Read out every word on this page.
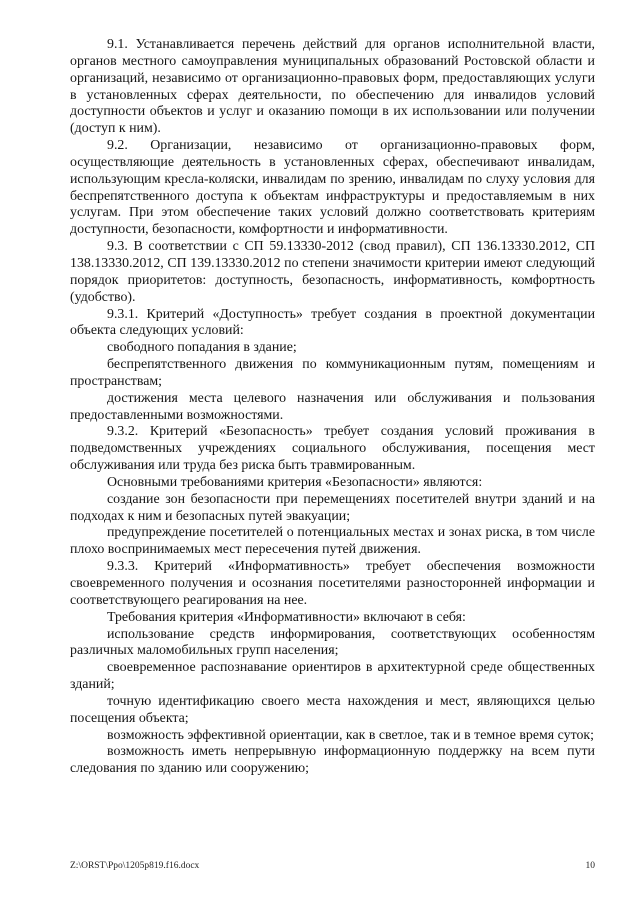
9.1. Устанавливается перечень действий для органов исполнительной власти, органов местного самоуправления муниципальных образований Ростовской области и организаций, независимо от организационно-правовых форм, предоставляющих услуги в установленных сферах деятельности, по обеспечению для инвалидов условий доступности объектов и услуг и оказанию помощи в их использовании или получении (доступ к ним).

9.2. Организации, независимо от организационно-правовых форм, осуществляющие деятельность в установленных сферах, обеспечивают инвалидам, использующим кресла-коляски, инвалидам по зрению, инвалидам по слуху условия для беспрепятственного доступа к объектам инфраструктуры и предоставляемым в них услугам. При этом обеспечение таких условий должно соответствовать критериям доступности, безопасности, комфортности и информативности.

9.3. В соответствии с СП 59.13330-2012 (свод правил), СП 136.13330.2012, СП 138.13330.2012, СП 139.13330.2012 по степени значимости критерии имеют следующий порядок приоритетов: доступность, безопасность, информативность, комфортность (удобство).

9.3.1. Критерий «Доступность» требует создания в проектной документации объекта следующих условий:

свободного попадания в здание;

беспрепятственного движения по коммуникационным путям, помещениям и пространствам;

достижения места целевого назначения или обслуживания и пользования предоставленными возможностями.

9.3.2. Критерий «Безопасность» требует создания условий проживания в подведомственных учреждениях социального обслуживания, посещения мест обслуживания или труда без риска быть травмированным.

Основными требованиями критерия «Безопасности» являются:

создание зон безопасности при перемещениях посетителей внутри зданий и на подходах к ним и безопасных путей эвакуации;

предупреждение посетителей о потенциальных местах и зонах риска, в том числе плохо воспринимаемых мест пересечения путей движения.

9.3.3. Критерий «Информативность» требует обеспечения возможности своевременного получения и осознания посетителями разносторонней информации и соответствующего реагирования на нее.

Требования критерия «Информативности» включают в себя:

использование средств информирования, соответствующих особенностям различных маломобильных групп населения;

своевременное распознавание ориентиров в архитектурной среде общественных зданий;

точную идентификацию своего места нахождения и мест, являющихся целью посещения объекта;

возможность эффективной ориентации, как в светлое, так и в темное время суток;

возможность иметь непрерывную информационную поддержку на всем пути следования по зданию или сооружению;

Z:\ORST\Ppo\1205p819.f16.docx	10
